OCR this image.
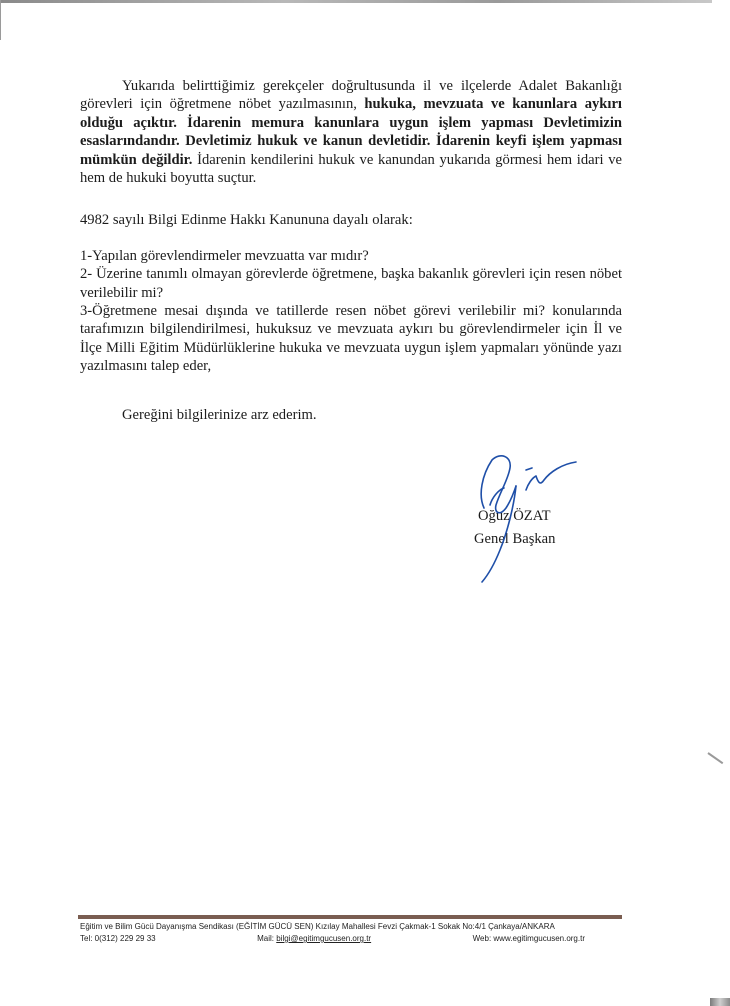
Yukarıda belirttiğimiz gerekçeler doğrultusunda il ve ilçelerde Adalet Bakanlığı görevleri için öğretmene nöbet yazılmasının, hukuka, mevzuata ve kanunlara aykırı olduğu açıktır. İdarenin memura kanunlara uygun işlem yapması Devletimizin esaslarındandır. Devletimiz hukuk ve kanun devletidir. İdarenin keyfi işlem yapması mümkün değildir. İdarenin kendilerini hukuk ve kanundan yukarıda görmesi hem idari ve hem de hukuki boyutta suçtur.
4982 sayılı Bilgi Edinme Hakkı Kanununa dayalı olarak:
1-Yapılan görevlendirmeler mevzuatta var mıdır?
2- Üzerine tanımlı olmayan görevlerde öğretmene, başka bakanlık görevleri için resen nöbet verilebilir mi?
3-Öğretmene mesai dışında ve tatillerde resen nöbet görevi verilebilir mi? konularında tarafımızın bilgilendirilmesi, hukuksuz ve mevzuata aykırı bu görevlendirmeler için İl ve İlçe Milli Eğitim Müdürlüklerine hukuka ve mevzuata uygun işlem yapmaları yönünde yazı yazılmasını talep eder,
Gereğini bilgilerinize arz ederim.
Oğuz ÖZAT
Genel Başkan
Eğitim ve Bilim Gücü Dayanışma Sendikası (EĞİTİM GÜCÜ SEN) Kızılay Mahallesi Fevzi Çakmak-1 Sokak No:4/1 Çankaya/ANKARA
Tel: 0(312) 229 29 33	Mail: bilgi@egitimgucusen.org.tr	Web: www.egitimgucusen.org.tr
